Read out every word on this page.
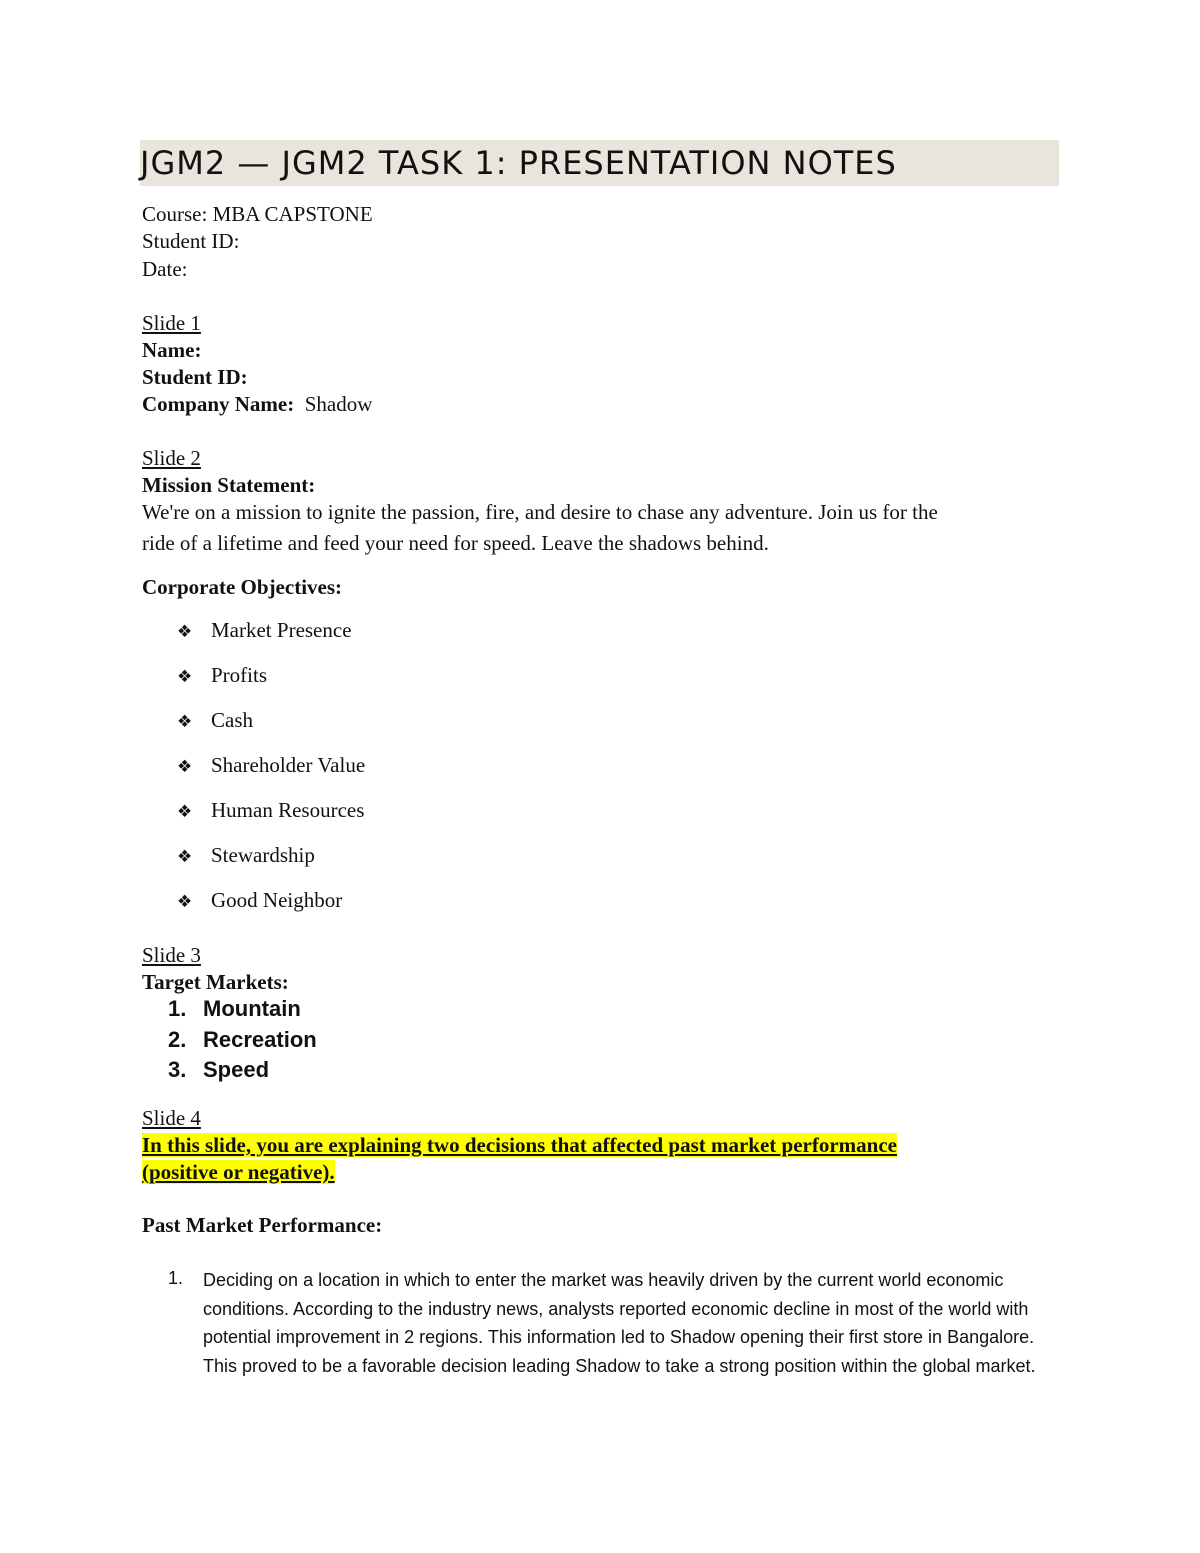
JGM2 — JGM2 TASK 1: PRESENTATION NOTES
Course: MBA CAPSTONE
Student ID:
Date:
Slide 1
Name:
Student ID:
Company Name: Shadow
Slide 2
Mission Statement:
We're on a mission to ignite the passion, fire, and desire to chase any adventure. Join us for the
ride of a lifetime and feed your need for speed. Leave the shadows behind.
Corporate Objectives:
❖ Market Presence
❖ Profits
❖ Cash
❖ Shareholder Value
❖ Human Resources
❖ Stewardship
❖ Good Neighbor
Slide 3
Target Markets:
1. Mountain
2. Recreation
3. Speed
Slide 4
In this slide, you are explaining two decisions that affected past market performance
(positive or negative).
Past Market Performance:
1. Deciding on a location in which to enter the market was heavily driven by the current world economic conditions. According to the industry news, analysts reported economic decline in most of the world with potential improvement in 2 regions. This information led to Shadow opening their first store in Bangalore. This proved to be a favorable decision leading Shadow to take a strong position within the global market.
